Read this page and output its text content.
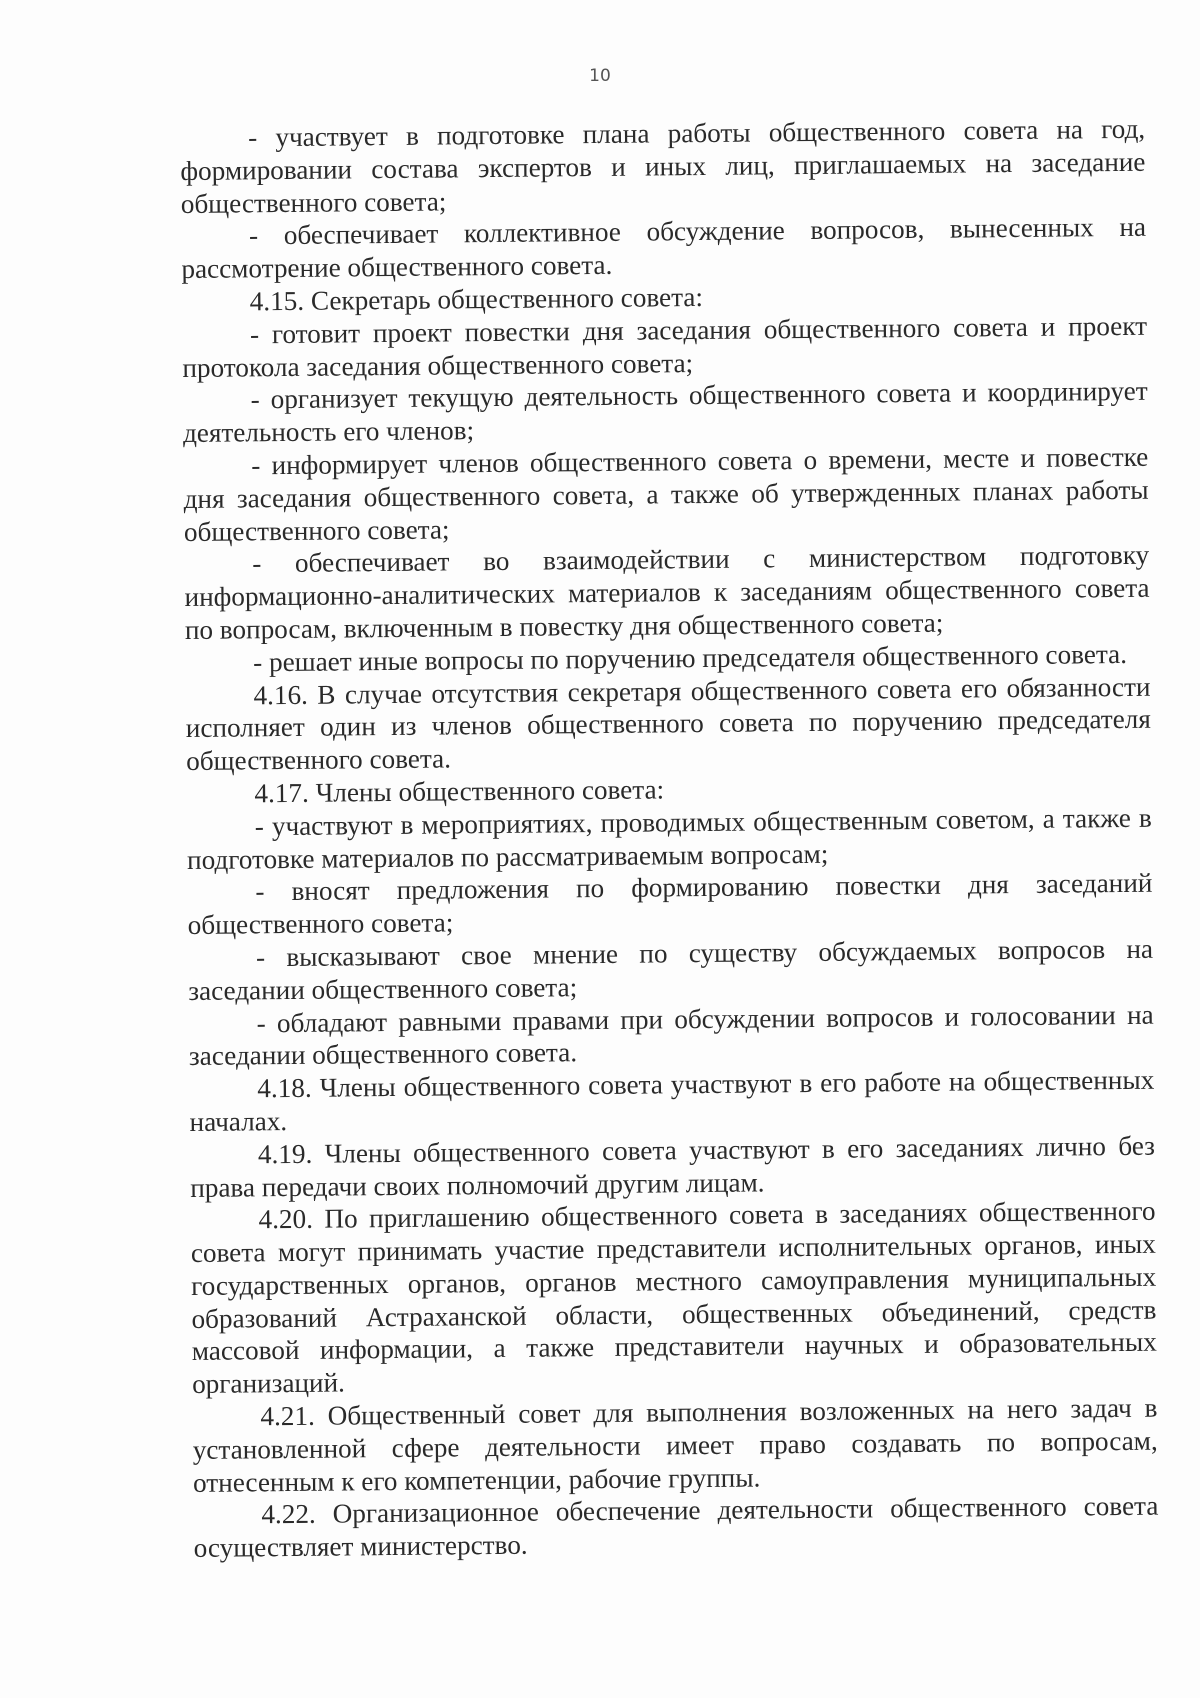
10

- участвует в подготовке плана работы общественного совета на год, формировании состава экспертов и иных лиц, приглашаемых на заседание общественного совета;

- обеспечивает коллективное обсуждение вопросов, вынесенных на рассмотрение общественного совета.

4.15. Секретарь общественного совета:

- готовит проект повестки дня заседания общественного совета и проект протокола заседания общественного совета;

- организует текущую деятельность общественного совета и координирует деятельность его членов;

- информирует членов общественного совета о времени, месте и повестке дня заседания общественного совета, а также об утвержденных планах работы общественного совета;

- обеспечивает во взаимодействии с министерством подготовку информационно-аналитических материалов к заседаниям общественного совета по вопросам, включенным в повестку дня общественного совета;

- решает иные вопросы по поручению председателя общественного совета.

4.16. В случае отсутствия секретаря общественного совета его обязанности исполняет один из членов общественного совета по поручению председателя общественного совета.

4.17. Члены общественного совета:

- участвуют в мероприятиях, проводимых общественным советом, а также в подготовке материалов по рассматриваемым вопросам;

- вносят предложения по формированию повестки дня заседаний общественного совета;

- высказывают свое мнение по существу обсуждаемых вопросов на заседании общественного совета;

- обладают равными правами при обсуждении вопросов и голосовании на заседании общественного совета.

4.18. Члены общественного совета участвуют в его работе на общественных началах.

4.19. Члены общественного совета участвуют в его заседаниях лично без права передачи своих полномочий другим лицам.

4.20. По приглашению общественного совета в заседаниях общественного совета могут принимать участие представители исполнительных органов, иных государственных органов, органов местного самоуправления муниципальных образований Астраханской области, общественных объединений, средств массовой информации, а также представители научных и образовательных организаций.

4.21. Общественный совет для выполнения возложенных на него задач в установленной сфере деятельности имеет право создавать по вопросам, отнесенным к его компетенции, рабочие группы.

4.22. Организационное обеспечение деятельности общественного совета осуществляет министерство.
